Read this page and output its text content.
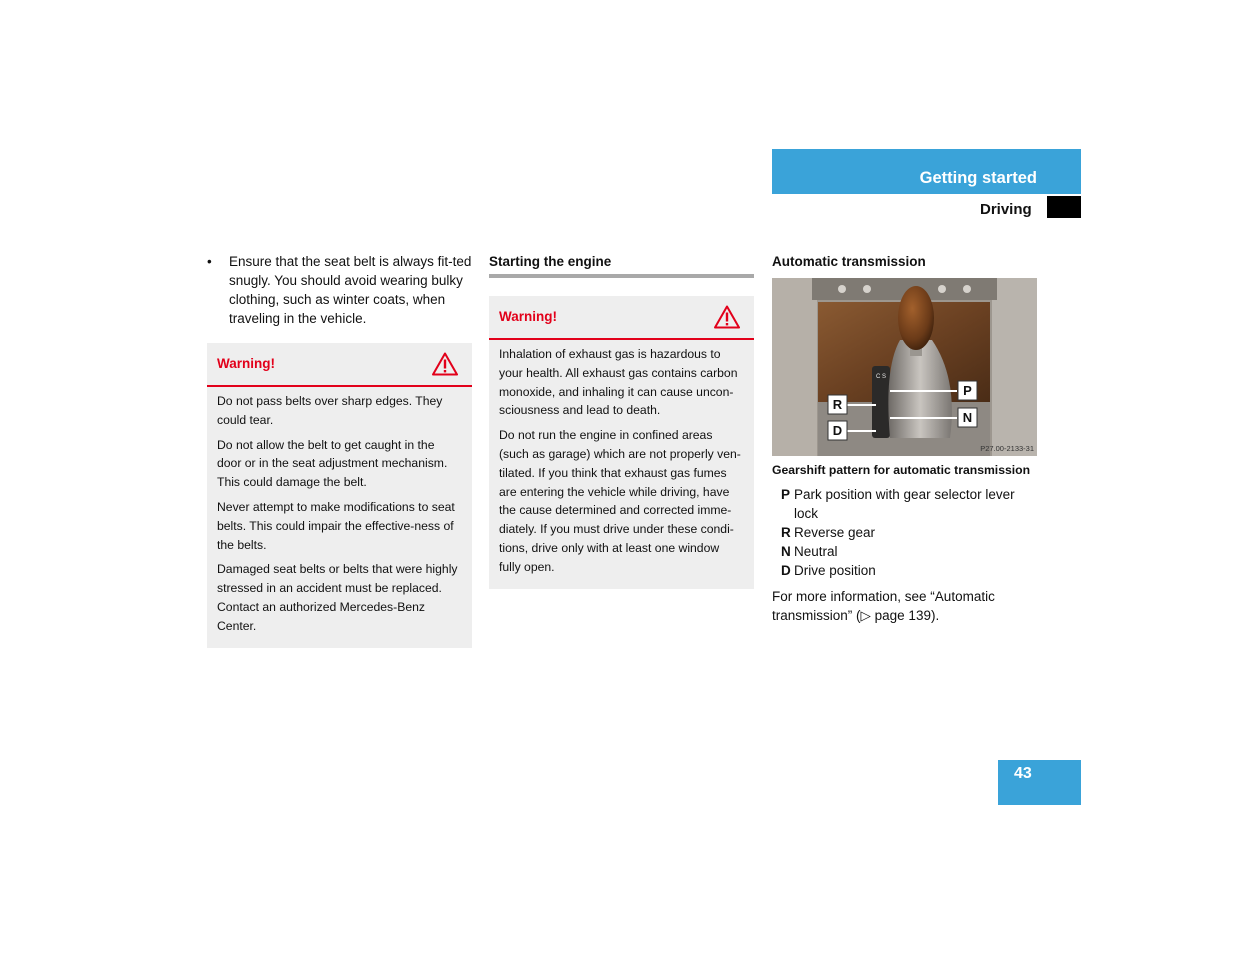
Getting started
Driving
• Ensure that the seat belt is always fit-ted snugly. You should avoid wearing bulky clothing, such as winter coats, when traveling in the vehicle.
Warning!

Do not pass belts over sharp edges. They could tear.

Do not allow the belt to get caught in the door or in the seat adjustment mechanism. This could damage the belt.

Never attempt to make modifications to seat belts. This could impair the effective-ness of the belts.

Damaged seat belts or belts that were highly stressed in an accident must be replaced. Contact an authorized Mercedes-Benz Center.

Starting the engine
Warning!

Inhalation of exhaust gas is hazardous to your health. All exhaust gas contains carbon monoxide, and inhaling it can cause uncon-sciousness and lead to death.

Do not run the engine in confined areas (such as garage) which are not properly ven-tilated. If you think that exhaust gas fumes are entering the vehicle while driving, have the cause determined and corrected imme-diately. If you must drive under these condi-tions, drive only with at least one window fully open.

Automatic transmission
R
D
P
N
C S
P27.00-2133-31
Gearshift pattern for automatic transmission
P Park position with gear selector lever lock
R Reverse gear
N Neutral
D Drive position
For more information, see “Automatic transmission” (▷ page 139).
43
